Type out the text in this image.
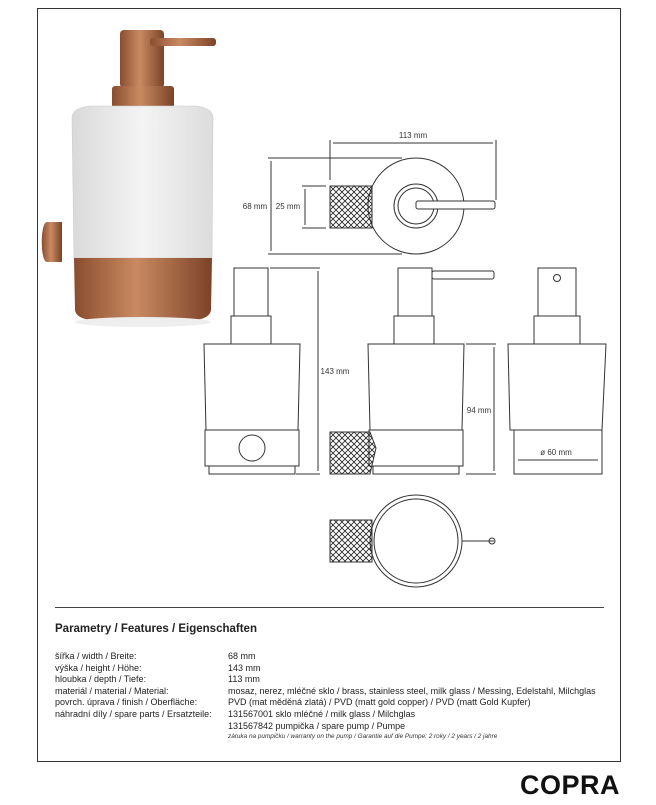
113 mm
68 mm 25 mm
143 mm
94 mm
ø 60 mm
Parametry / Features / Eigenschaften
šířka / width / Breite:	68 mm
výška / height / Höhe:	143 mm
hloubka / depth / Tiefe:	113 mm
materiál / material / Material:	mosaz, nerez, mléčné sklo / brass, stainless steel, milk glass / Messing, Edelstahl, Milchglas
povrch. úprava / finish / Oberfläche:	PVD (mat měděná zlatá) / PVD (matt gold copper) / PVD (matt Gold Kupfer)
náhradní díly / spare parts / Ersatzteile:	131567001 sklo mléčné / milk glass / Milchglas
131567842 pumpička / spare pump / Pumpe
záruka na pumpičku / warranty on the pump / Garantie auf die Pumpe: 2 roky / 2 years / 2 jahre
COPRA
